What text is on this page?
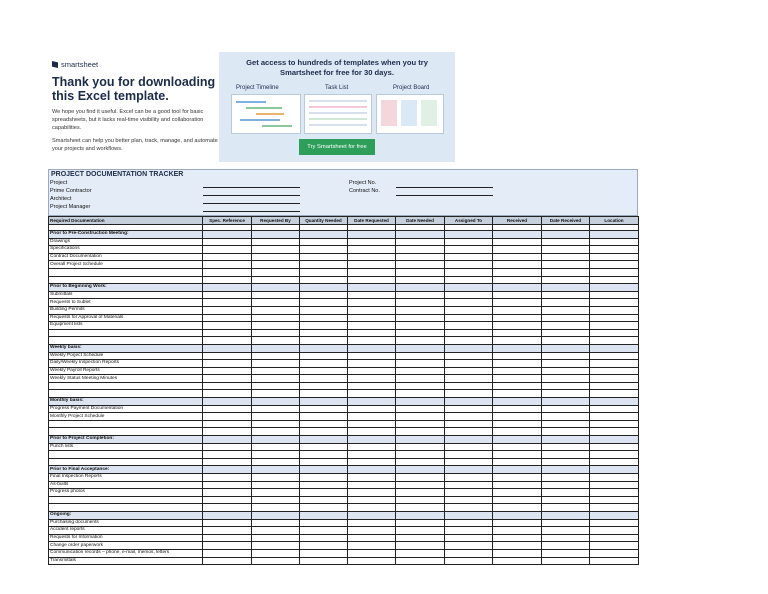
smartsheet
Thank you for downloading this Excel template.
We hope you find it useful. Excel can be a good tool for basic spreadsheets, but it lacks real-time visibility and collaboration capabilities.
Smartsheet can help you better plan, track, manage, and automate your projects and workflows.
Get access to hundreds of templates when you try Smartsheet for free for 30 days.
Project Timeline	Task List	Project Board
Try Smartsheet for free
PROJECT DOCUMENTATION TRACKER
Project
Prime Contractor
Architect
Project Manager
Project No.
Contract No.
Required Documentation	Spec. Reference	Requested By	Quantity Needed	Date Requested	Date Needed	Assigned To	Received	Date Received	Location

Prior to Pre-Construction Meeting:									
Drawings									
Specifications									
Contract Documentation									
Overall Project Schedule									

Prior to Beginning Work:									
Submittals									
Requests to Sublet									
Building Permits									
Requests for Approval of Materials									
Equipment lists									

Weekly basis:									
Weekly Porject Schedule									
Daily/Weekly Inspection Reports									
Weekly Payroll Reports									
Weekly Status Meeting Minutes									

Monthly basis:									
Progress Payment Documentation									
Monthly Project Schedule									

Prior to Project Completion:									
Punch lists									

Prior to Final Acceptance:									
Final Inspection Reports									
As-builts									
Progress photos									

Ongoing:									
Purchasing documents									
Accident reports									
Requests for Information									
Change order paperwork									
Communication records – phone, e-mail, memos, letters									
Transmittals									
